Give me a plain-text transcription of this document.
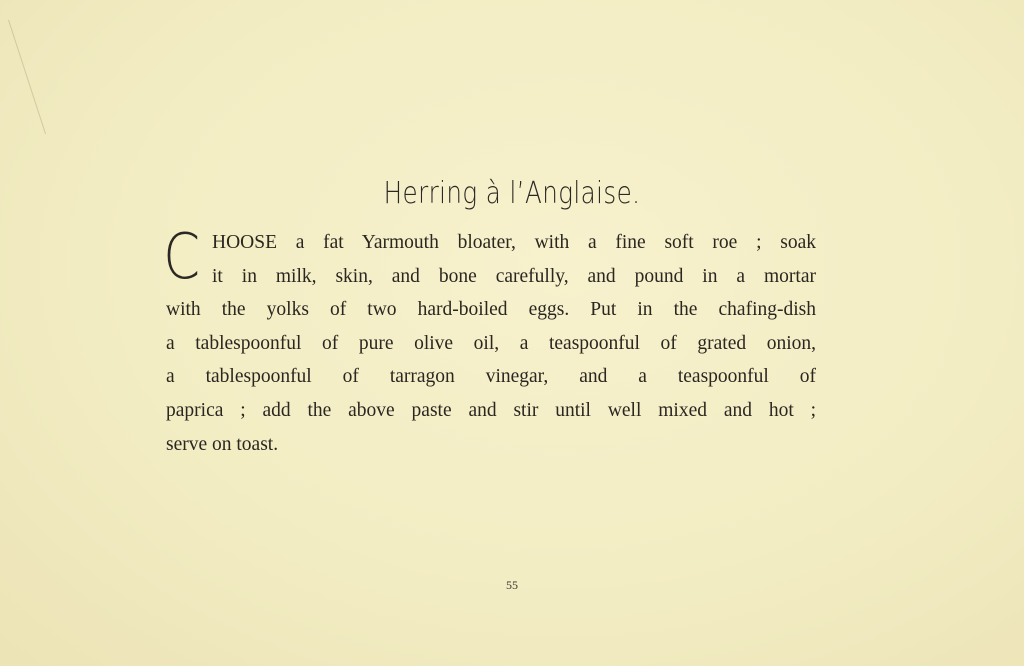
Herring à l’Anglaise.
C HOOSE a fat Yarmouth bloater, with a fine soft roe ; soak
it in milk, skin, and bone carefully, and pound in a mortar
with the yolks of two hard-boiled eggs. Put in the chafing-dish
a tablespoonful of pure olive oil, a teaspoonful of grated onion,
a tablespoonful of tarragon vinegar, and a teaspoonful of
paprica ; add the above paste and stir until well mixed and hot ;
serve on toast.
55
